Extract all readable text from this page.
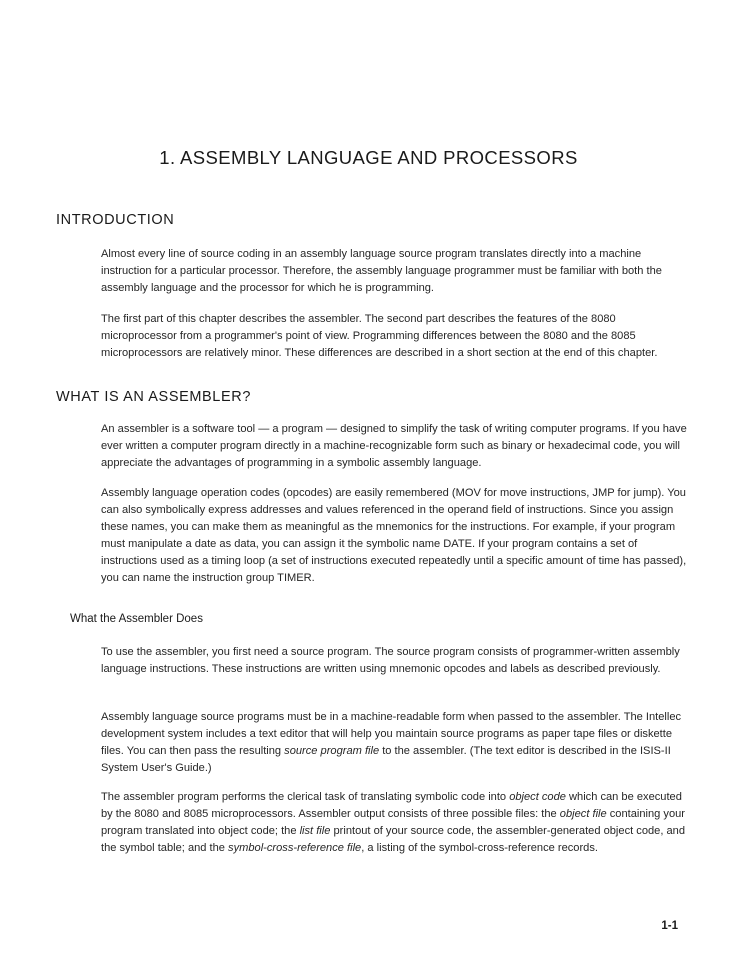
1. ASSEMBLY LANGUAGE AND PROCESSORS
INTRODUCTION

Almost every line of source coding in an assembly language source program translates directly into a machine instruction for a particular processor. Therefore, the assembly language programmer must be familiar with both the assembly language and the processor for which he is programming.

The first part of this chapter describes the assembler. The second part describes the features of the 8080 microprocessor from a programmer's point of view. Programming differences between the 8080 and the 8085 microprocessors are relatively minor. These differences are described in a short section at the end of this chapter.

WHAT IS AN ASSEMBLER?

An assembler is a software tool — a program — designed to simplify the task of writing computer programs. If you have ever written a computer program directly in a machine-recognizable form such as binary or hexadecimal code, you will appreciate the advantages of programming in a symbolic assembly language.

Assembly language operation codes (opcodes) are easily remembered (MOV for move instructions, JMP for jump). You can also symbolically express addresses and values referenced in the operand field of instructions. Since you assign these names, you can make them as meaningful as the mnemonics for the instructions. For example, if your program must manipulate a date as data, you can assign it the symbolic name DATE. If your program contains a set of instructions used as a timing loop (a set of instructions executed repeatedly until a specific amount of time has passed), you can name the instruction group TIMER.

What the Assembler Does

To use the assembler, you first need a source program. The source program consists of programmer-written assembly language instructions. These instructions are written using mnemonic opcodes and labels as described previously.

Assembly language source programs must be in a machine-readable form when passed to the assembler. The Intellec development system includes a text editor that will help you maintain source programs as paper tape files or diskette files. You can then pass the resulting source program file to the assembler. (The text editor is described in the ISIS-II System User's Guide.)

The assembler program performs the clerical task of translating symbolic code into object code which can be executed by the 8080 and 8085 microprocessors. Assembler output consists of three possible files: the object file containing your program translated into object code; the list file printout of your source code, the assembler-generated object code, and the symbol table; and the symbol-cross-reference file, a listing of the symbol-cross-reference records.

1-1
